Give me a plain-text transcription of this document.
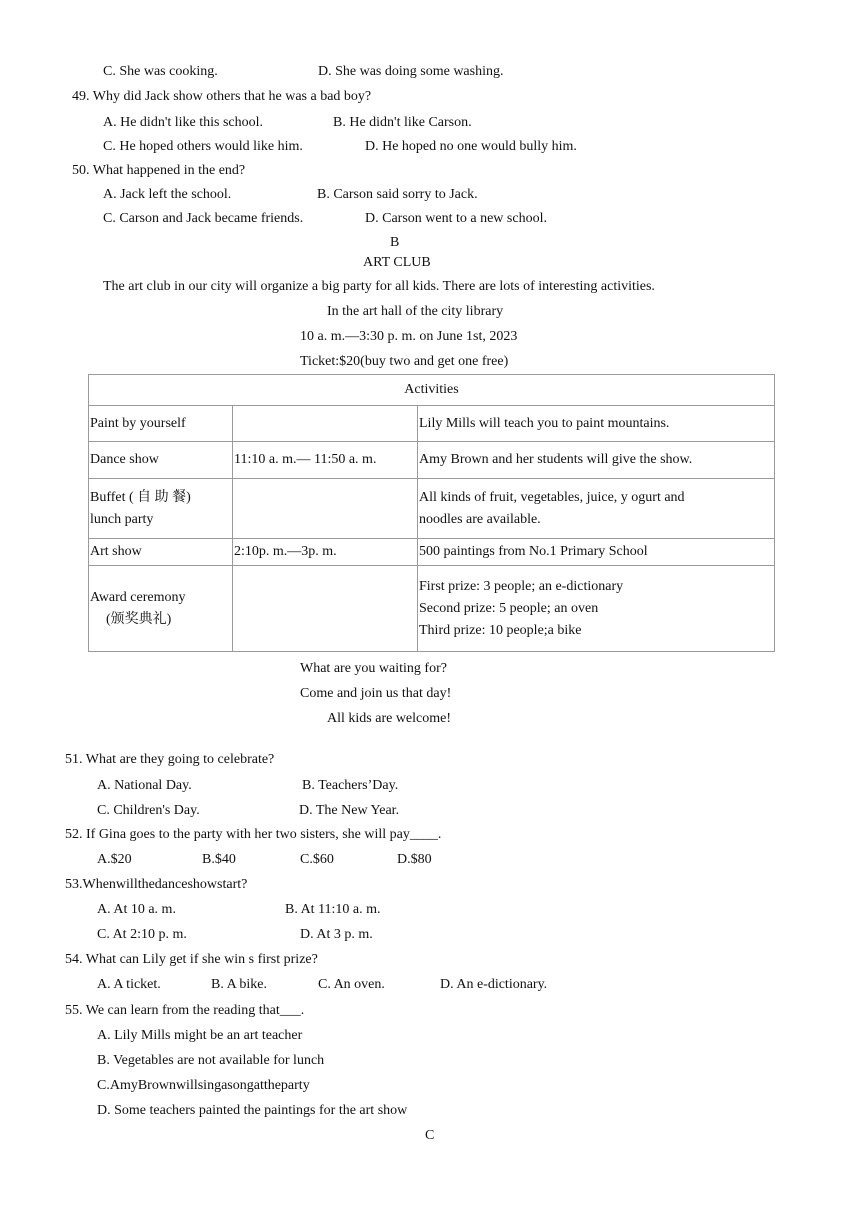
C. She was cooking.	D. She was doing some washing.
49. Why did Jack show others that he was a bad boy?
A. He didn't like this school.	B. He didn't like Carson.
C. He hoped others would like him.	D. He hoped no one would bully him.
50. What happened in the end?
A. Jack left the school.	B. Carson said sorry to Jack.
C. Carson and Jack became friends.	D. Carson went to a new school.
B
ART CLUB
The art club in our city will organize a big party for all kids. There are lots of interesting activities.
In the art hall of the city library
10 a. m.—3:30 p. m. on June 1st, 2023
Ticket:$20(buy two and get one free)
Activities		
Paint by yourself		Lily Mills will teach you to paint mountains.
Dance show	11:10 a. m.— 11:50 a. m.	Amy Brown and her students will give the show.

Buffet ( 自 助 餐)
lunch party		All kinds of fruit, vegetables, juice, y ogurt and
noodles are available.

Art show	2:10p. m.—3p. m.	500 paintings from No.1 Primary School

Award ceremony
(颁奖典礼)		First prize: 3 people; an e-dictionary
Second prize: 5 people; an oven
Third prize: 10 people;a bike
What are you waiting for?
Come and join us that day!
All kids are welcome!
51. What are they going to celebrate?
A. National Day.	B. Teachers’Day.
C. Children's Day.	D. The New Year.
52. If Gina goes to the party with her two sisters, she will pay____.
A.$20	B.$40	C.$60	D.$80
53.Whenwillthedanceshowstart?
A. At 10 a. m.	B. At 11:10 a. m.
C. At 2:10 p. m.	D. At 3 p. m.
54. What can Lily get if she win s first prize?
A. A ticket.	B. A bike.	C. An oven.	D. An e-dictionary.
55. We can learn from the reading that___.
A. Lily Mills might be an art teacher
B. Vegetables are not available for lunch
C.AmyBrownwillsingasongattheparty
D. Some teachers painted the paintings for the art show
C
